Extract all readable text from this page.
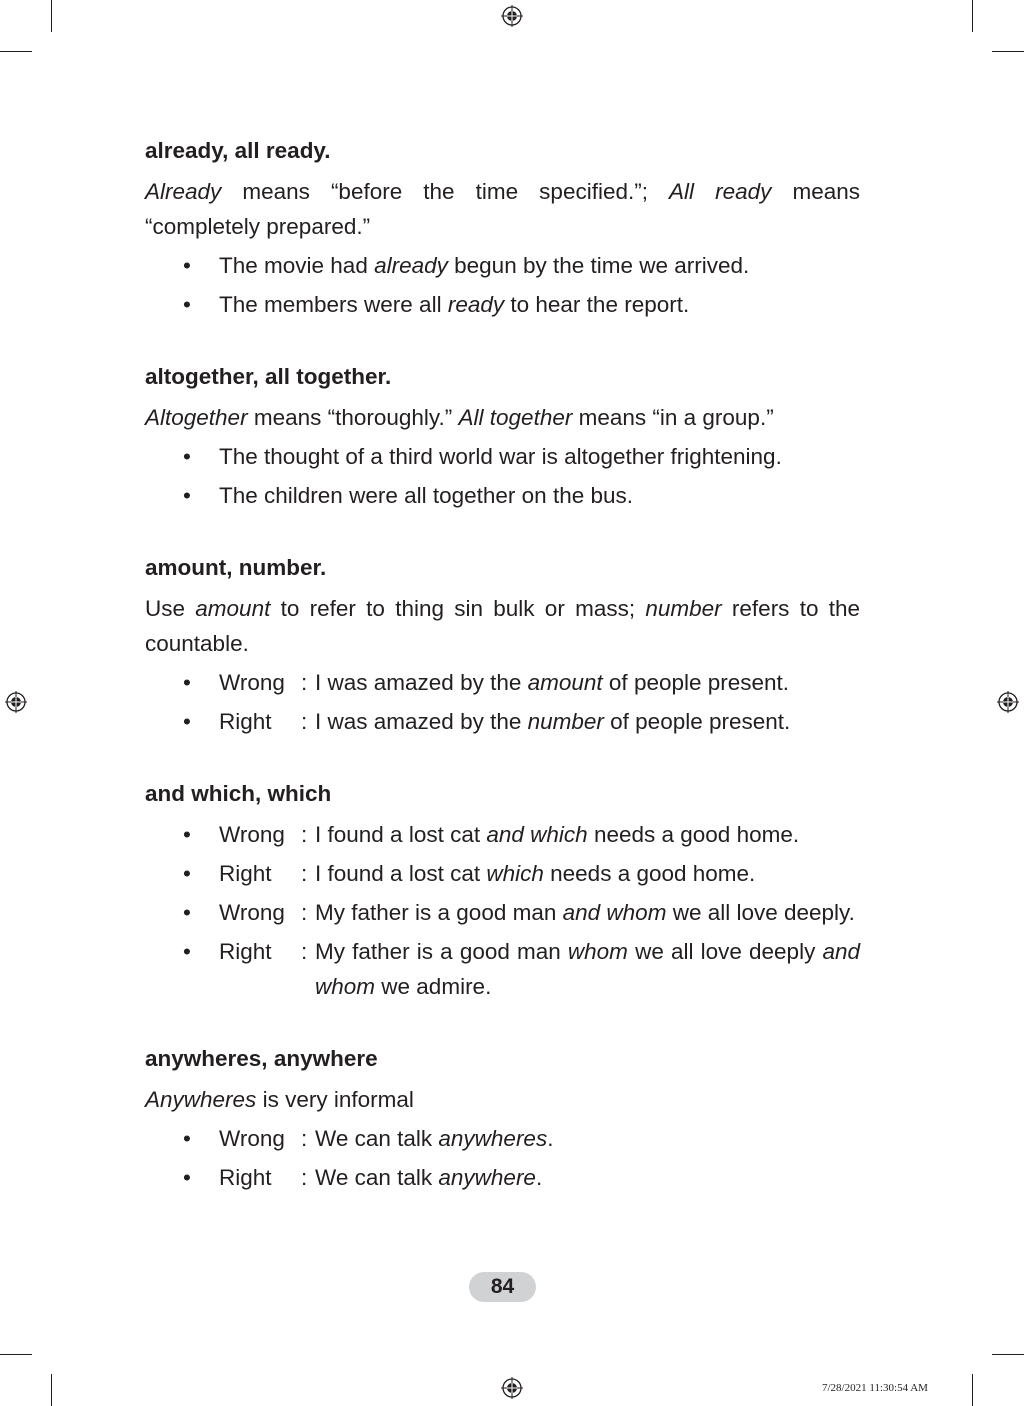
already, all ready.
Already means “before the time specified.”; All ready means “completely prepared.”
• The movie had already begun by the time we arrived.
• The members were all ready to hear the report.
altogether, all together.
Altogether means “thoroughly.” All together means “in a group.”
• The thought of a third world war is altogether frightening.
• The children were all together on the bus.
amount, number.
Use amount to refer to thing sin bulk or mass; number refers to the countable.
• Wrong : I was amazed by the amount of people present.
• Right	: I was amazed by the number of people present.
and which, which
• Wrong : I found a lost cat and which needs a good home.
• Right	: I found a lost cat which needs a good home.
• Wrong : My father is a good man and whom we all love deeply.
• Right	: My father is a good man whom we all love deeply and whom we admire.
anywheres, anywhere
Anywheres is very informal
• Wrong : We can talk anywheres.
• Right	: We can talk anywhere.
84
7/28/2021 11:30:54 AM
